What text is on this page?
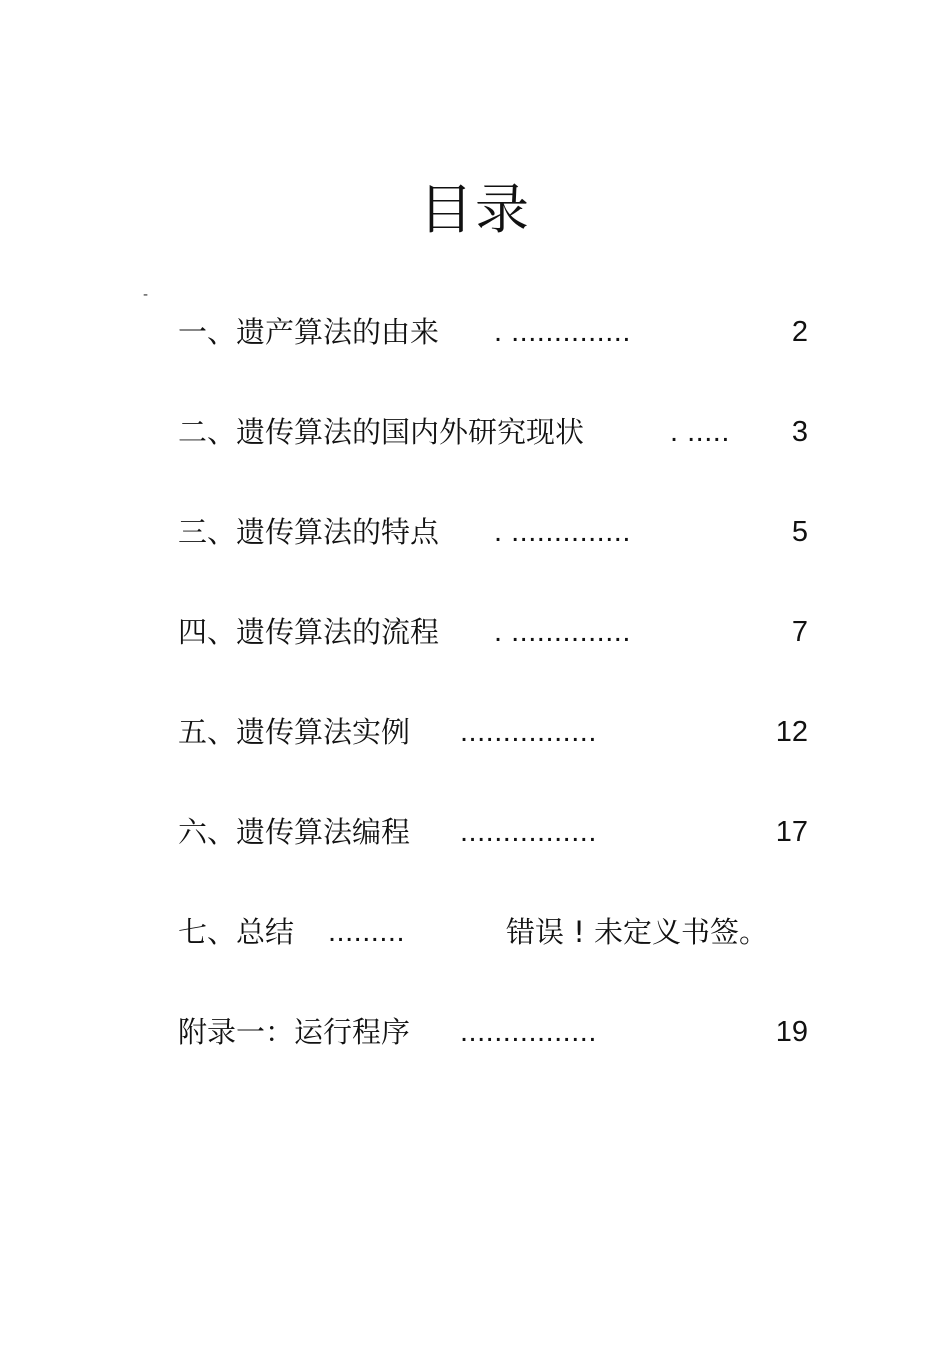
目录
-
一、遗产算法的由来 . ..............	2
二、遗传算法的国内外研究现状	. ..... 3
三、遗传算法的特点 . ..............	5
四、遗传算法的流程 . ..............	7
五、遗传算法实例 ................	12
六、遗传算法编程 ................	17
七、总结 .........	错误 ! 未定义书签。
附录一：运行程序 ................	19
